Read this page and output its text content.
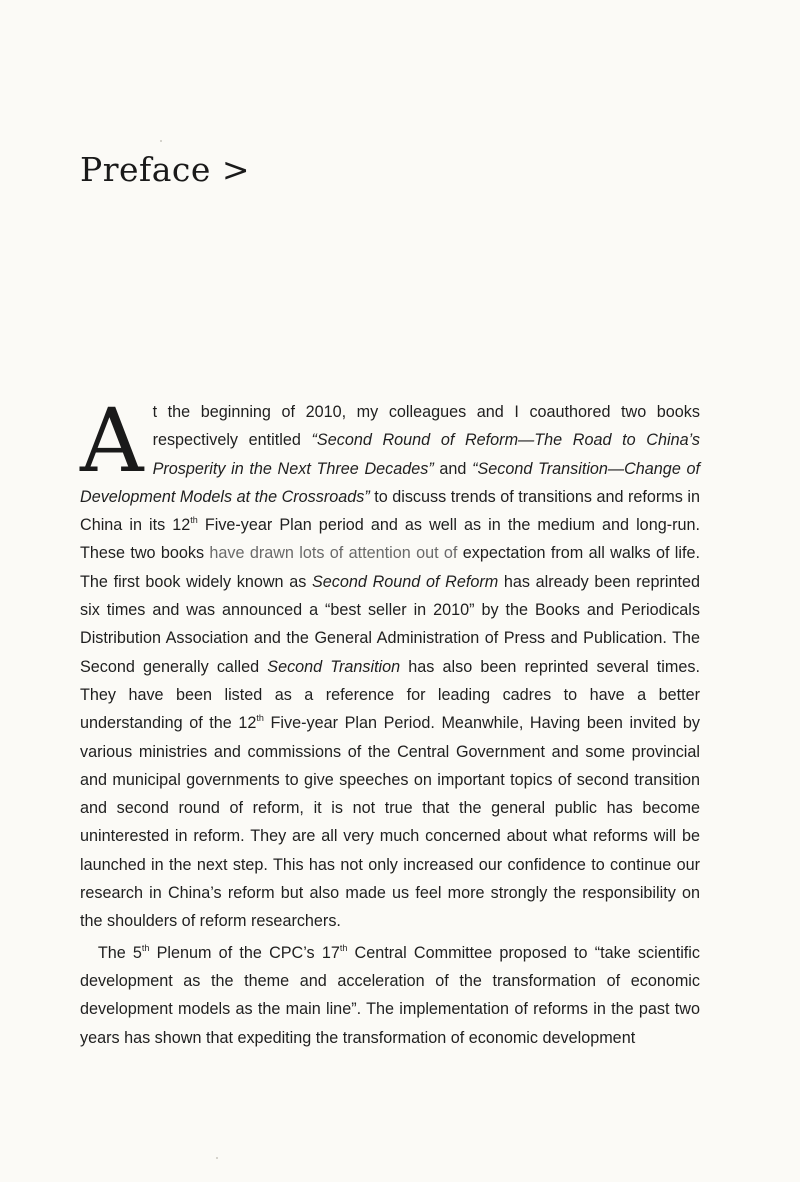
Preface >

At the beginning of 2010, my colleagues and I coauthored two books respectively entitled “Second Round of Reform—The Road to China’s Prosperity in the Next Three Decades” and “Second Transition—Change of Development Models at the Crossroads” to discuss trends of transitions and reforms in China in its 12th Five-year Plan period and as well as in the medium and long-run. These two books have drawn lots of attention out of expectation from all walks of life. The first book widely known as Second Round of Reform has already been reprinted six times and was announced a “best seller in 2010” by the Books and Periodicals Distribution Association and the General Administration of Press and Publication. The Second generally called Second Transition has also been reprinted several times. They have been listed as a reference for leading cadres to have a better understanding of the 12th Five-year Plan Period. Meanwhile, Having been invited by various ministries and commissions of the Central Government and some provincial and municipal governments to give speeches on important topics of second transition and second round of reform, it is not true that the general public has become uninterested in reform. They are all very much concerned about what reforms will be launched in the next step. This has not only increased our confidence to continue our research in China’s reform but also made us feel more strongly the responsibility on the shoulders of reform researchers.

The 5th Plenum of the CPC’s 17th Central Committee proposed to “take scientific development as the theme and acceleration of the transformation of economic development models as the main line”. The implementation of reforms in the past two years has shown that expediting the transformation of economic development
